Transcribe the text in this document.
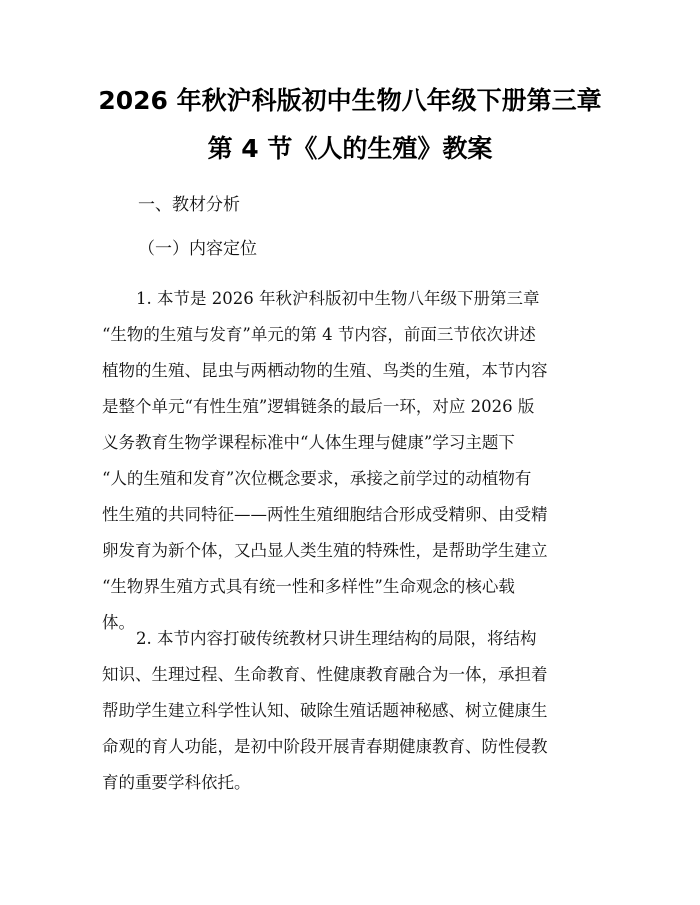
2026 年秋沪科版初中生物八年级下册第三章
第 4 节《人的生殖》教案
一、教材分析
（一）内容定位
1. 本节是 2026 年秋沪科版初中生物八年级下册第三章
“生物的生殖与发育”单元的第 4 节内容，前面三节依次讲述
植物的生殖、昆虫与两栖动物的生殖、鸟类的生殖，本节内容
是整个单元“有性生殖”逻辑链条的最后一环，对应 2026 版
义务教育生物学课程标准中“人体生理与健康”学习主题下
“人的生殖和发育”次位概念要求，承接之前学过的动植物有
性生殖的共同特征——两性生殖细胞结合形成受精卵、由受精
卵发育为新个体，又凸显人类生殖的特殊性，是帮助学生建立
“生物界生殖方式具有统一性和多样性”生命观念的核心载
体。
2. 本节内容打破传统教材只讲生理结构的局限，将结构
知识、生理过程、生命教育、性健康教育融合为一体，承担着
帮助学生建立科学性认知、破除生殖话题神秘感、树立健康生
命观的育人功能，是初中阶段开展青春期健康教育、防性侵教
育的重要学科依托。
